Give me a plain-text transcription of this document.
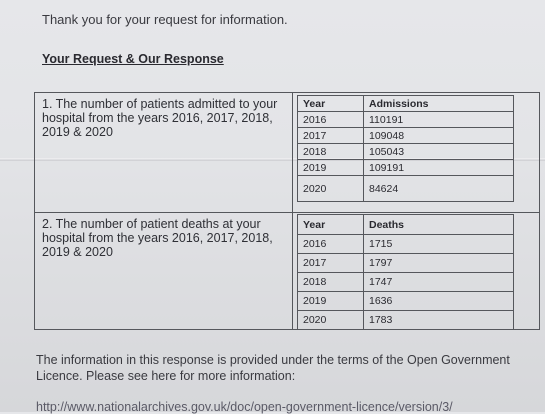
Thank you for your request for information.
Your Request & Our Response
1. The number of patients admitted to your
hospital from the years 2016, 2017, 2018,
2019 & 2020
Year	Admissions
2016	110191
2017	109048
2018	105043
2019	109191
2020	84624
2. The number of patient deaths at your
hospital from the years 2016, 2017, 2018,
2019 & 2020
Year	Deaths
2016	1715
2017	1797
2018	1747
2019	1636
2020	1783
The information in this response is provided under the terms of the Open Government
Licence. Please see here for more information:
http://www.nationalarchives.gov.uk/doc/open-government-licence/version/3/
